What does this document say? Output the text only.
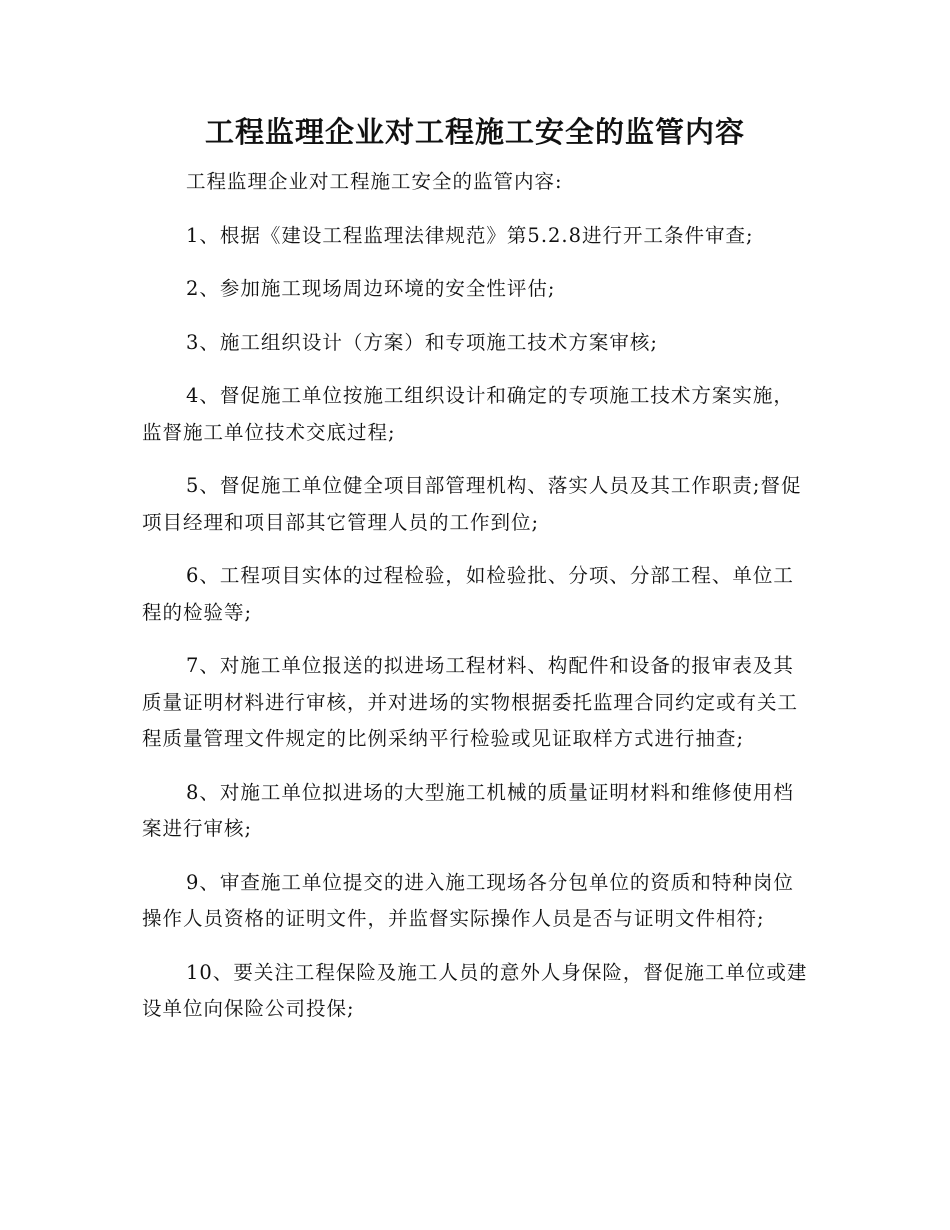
工程监理企业对工程施工安全的监管内容

工程监理企业对工程施工安全的监管内容:

1、根据《建设工程监理法律规范》第5.2.8进行开工条件审查;

2、参加施工现场周边环境的安全性评估;

3、施工组织设计（方案）和专项施工技术方案审核;

4、督促施工单位按施工组织设计和确定的专项施工技术方案实施，监督施工单位技术交底过程;

5、督促施工单位健全项目部管理机构、落实人员及其工作职责;督促项目经理和项目部其它管理人员的工作到位;

6、工程项目实体的过程检验，如检验批、分项、分部工程、单位工程的检验等;

7、对施工单位报送的拟进场工程材料、构配件和设备的报审表及其质量证明材料进行审核，并对进场的实物根据委托监理合同约定或有关工程质量管理文件规定的比例采纳平行检验或见证取样方式进行抽查;

8、对施工单位拟进场的大型施工机械的质量证明材料和维修使用档案进行审核;

9、审查施工单位提交的进入施工现场各分包单位的资质和特种岗位操作人员资格的证明文件，并监督实际操作人员是否与证明文件相符;

10、要关注工程保险及施工人员的意外人身保险，督促施工单位或建设单位向保险公司投保;
